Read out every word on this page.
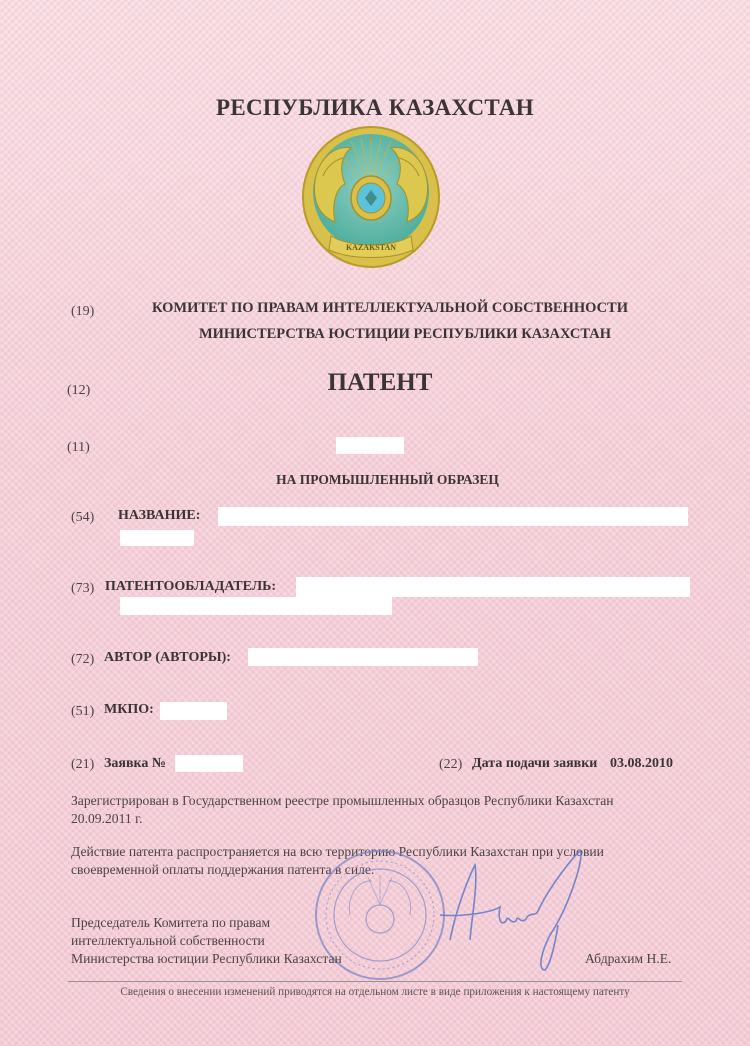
РЕСПУБЛИКА КАЗАХСТАН
KAZAKSTAN
(19)	КОМИТЕТ ПО ПРАВАМ ИНТЕЛЛЕКТУАЛЬНОЙ СОБСТВЕННОСТИ
МИНИСТЕРСТВА ЮСТИЦИИ РЕСПУБЛИКИ КАЗАХСТАН
(12)	ПАТЕНТ
(11)
НА ПРОМЫШЛЕННЫЙ ОБРАЗЕЦ
(54) НАЗВАНИЕ:
(73) ПАТЕНТООБЛАДАТЕЛЬ:
(72) АВТОР (АВТОРЫ):
(51) МКПО:
(21) Заявка №	(22) Дата подачи заявки 03.08.2010
Зарегистрирован в Государственном реестре промышленных образцов Республики Казахстан
20.09.2011 г.
Действие патента распространяется на всю территорию Республики Казахстан при условии
своевременной оплаты поддержания патента в силе.
Председатель Комитета по правам
интеллектуальной собственности
Министерства юстиции Республики Казахстан	Абдрахим Н.Е.
Сведения о внесении изменений приводятся на отдельном листе в виде приложения к настоящему патенту
